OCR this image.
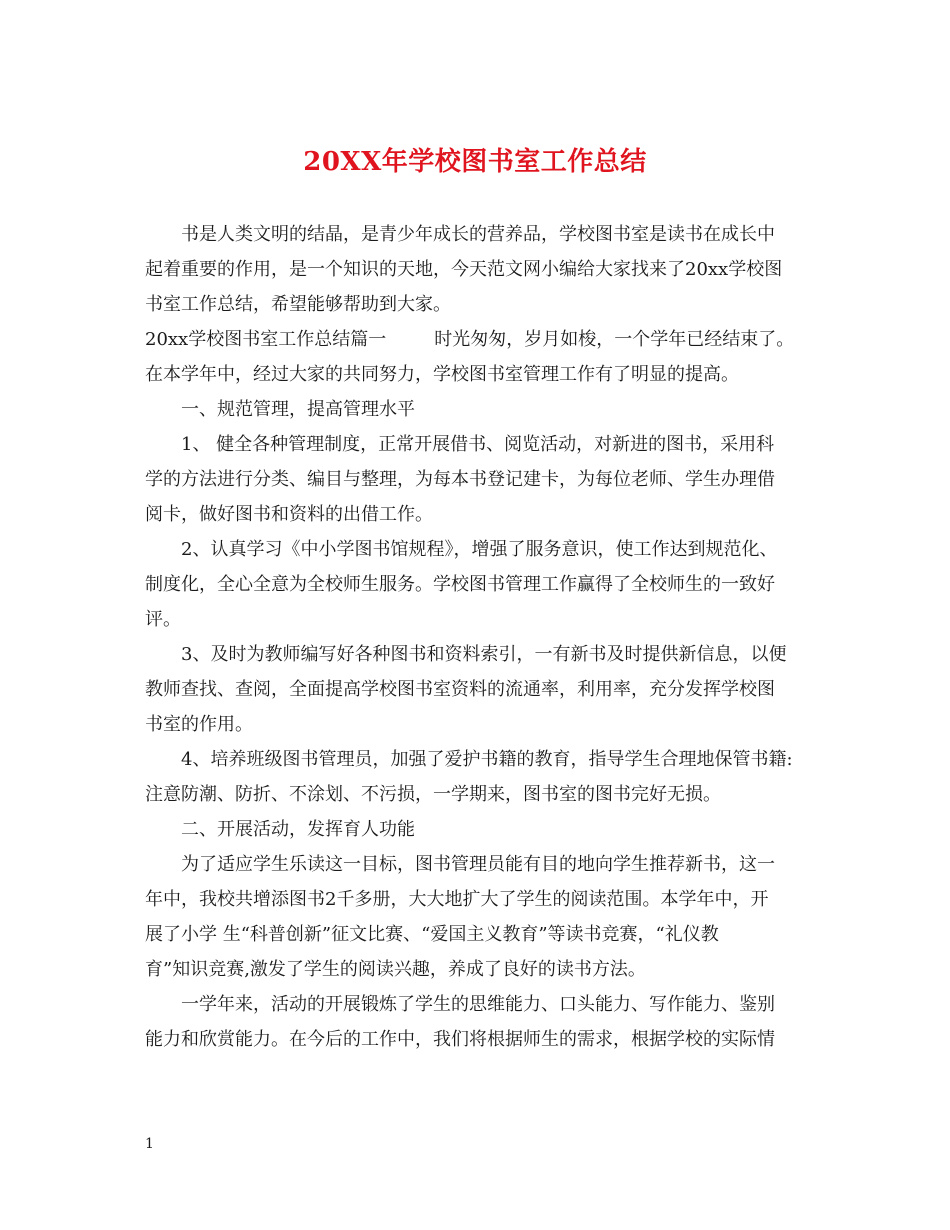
20XX年学校图书室工作总结
书是人类文明的结晶，是青少年成长的营养品，学校图书室是读书在成长中
起着重要的作用，是一个知识的天地，今天范文网小编给大家找来了20xx学校图
书室工作总结，希望能够帮助到大家。
20xx学校图书室工作总结篇一	时光匆匆，岁月如梭，一个学年已经结束了。
在本学年中，经过大家的共同努力，学校图书室管理工作有了明显的提高。
一、规范管理，提高管理水平
1、 健全各种管理制度，正常开展借书、阅览活动，对新进的图书，采用科
学的方法进行分类、编目与整理，为每本书登记建卡，为每位老师、学生办理借
阅卡，做好图书和资料的出借工作。
2、认真学习《中小学图书馆规程》，增强了服务意识，使工作达到规范化、
制度化，全心全意为全校师生服务。学校图书管理工作赢得了全校师生的一致好
评。
3、及时为教师编写好各种图书和资料索引，一有新书及时提供新信息，以便
教师查找、查阅，全面提高学校图书室资料的流通率，利用率，充分发挥学校图
书室的作用。
4、培养班级图书管理员，加强了爱护书籍的教育，指导学生合理地保管书籍:
注意防潮、防折、不涂划、不污损，一学期来，图书室的图书完好无损。
二、开展活动，发挥育人功能
为了适应学生乐读这一目标，图书管理员能有目的地向学生推荐新书，这一
年中，我校共增添图书2千多册，大大地扩大了学生的阅读范围。本学年中，开
展了小学 生“科普创新”征文比赛、“爱国主义教育”等读书竞赛，“礼仪教
育”知识竞赛,激发了学生的阅读兴趣，养成了良好的读书方法。
一学年来，活动的开展锻炼了学生的思维能力、口头能力、写作能力、鉴别
能力和欣赏能力。在今后的工作中，我们将根据师生的需求，根据学校的实际情
1
